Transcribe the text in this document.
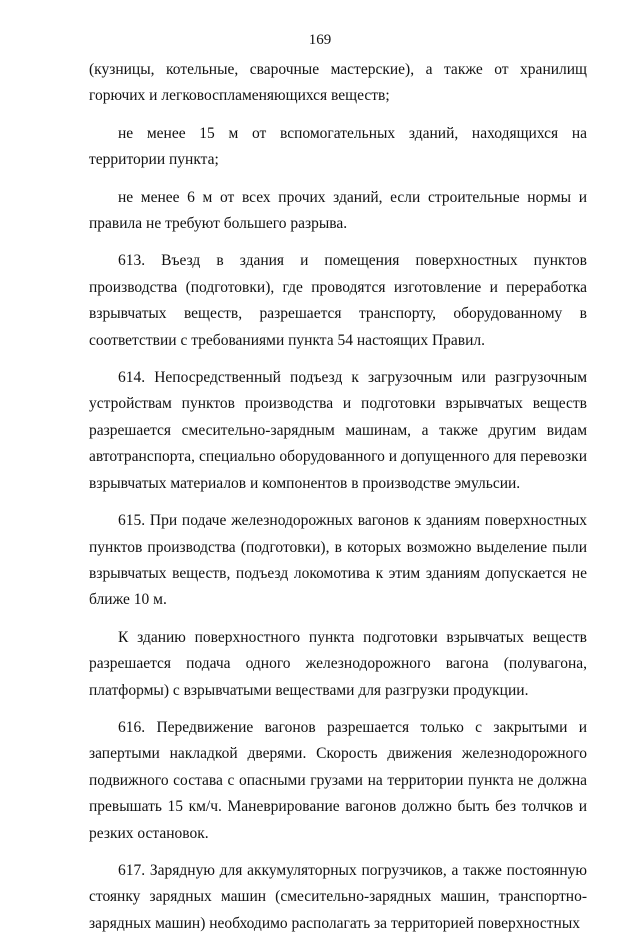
169

(кузницы, котельные, сварочные мастерские), а также от хранилищ горючих и легковоспламеняющихся веществ;

не менее 15 м от вспомогательных зданий, находящихся на территории пункта;

не менее 6 м от всех прочих зданий, если строительные нормы и правила не требуют большего разрыва.

613. Въезд в здания и помещения поверхностных пунктов производства (подготовки), где проводятся изготовление и переработка взрывчатых веществ, разрешается транспорту, оборудованному в соответствии с требованиями пункта 54 настоящих Правил.

614. Непосредственный подъезд к загрузочным или разгрузочным устройствам пунктов производства и подготовки взрывчатых веществ разрешается смесительно-зарядным машинам, а также другим видам автотранспорта, специально оборудованного и допущенного для перевозки взрывчатых материалов и компонентов в производстве эмульсии.

615. При подаче железнодорожных вагонов к зданиям поверхностных пунктов производства (подготовки), в которых возможно выделение пыли взрывчатых веществ, подъезд локомотива к этим зданиям допускается не ближе 10 м.

К зданию поверхностного пункта подготовки взрывчатых веществ разрешается подача одного железнодорожного вагона (полувагона, платформы) с взрывчатыми веществами для разгрузки продукции.

616. Передвижение вагонов разрешается только с закрытыми и запертыми накладкой дверями. Скорость движения железнодорожного подвижного состава с опасными грузами на территории пункта не должна превышать 15 км/ч. Маневрирование вагонов должно быть без толчков и резких остановок.

617. Зарядную для аккумуляторных погрузчиков, а также постоянную стоянку зарядных машин (смесительно-зарядных машин, транспортно-зарядных машин) необходимо располагать за территорией поверхностных
